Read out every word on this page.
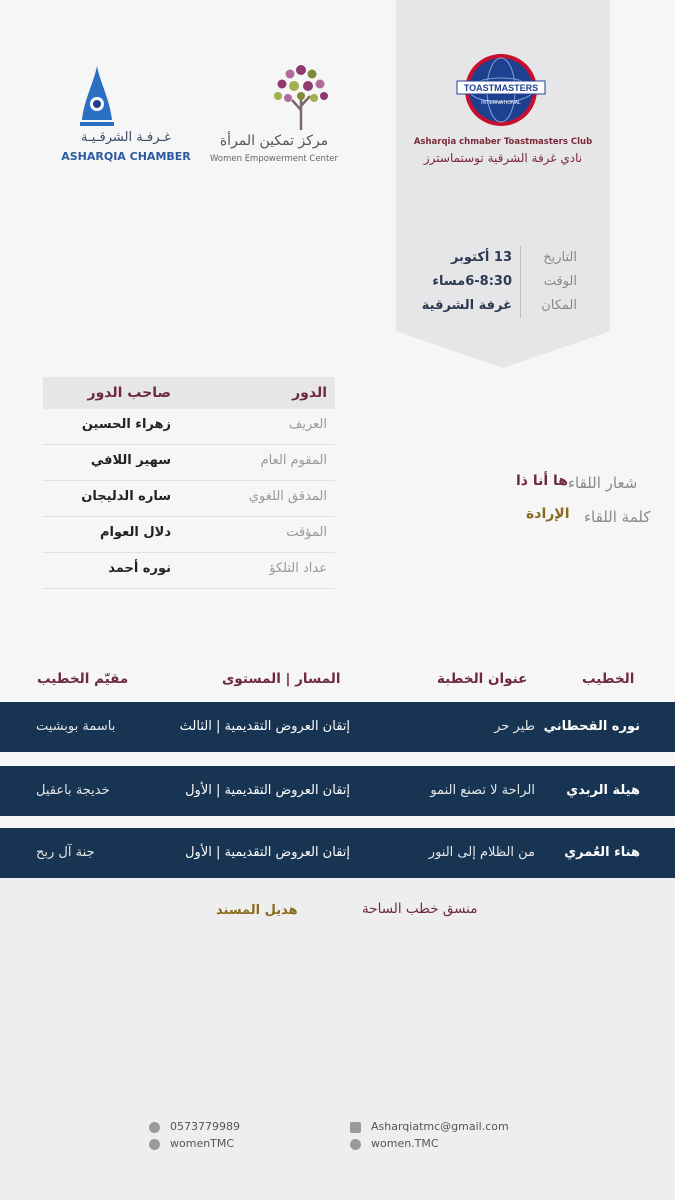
TOASTMASTERS
INTERNATIONAL
Asharqia chmaber Toastmasters Club
نادي غرفة الشرقية توستماسترز
التاريخ
الوقت
المكان
13 أكتوبر
6-8:30مساء
غرفة الشرقية
مركز تمكين المرأة
Women Empowerment Center
غـرفـة الشرقـيـة
ASHARQIA CHAMBER
الدور
صاحب الدور
العريف
زهراء الحسين
المقوم العام
سهير اللافي
المدقق اللغوي
ساره الدليجان
المؤقت
دلال العوام
عداد التلكؤ
نوره أحمد
شعار اللقاء
ها أنا ذا
كلمة اللقاء
الإرادة
الخطيب
عنوان الخطبة
المسار | المستوى
مقيّم الخطيب
نوره القحطاني
طير حر
إتقان العروض التقديمية | الثالث
باسمة بوبشيت
هيلة الربدي
الراحة لا تصنع النمو
إتقان العروض التقديمية | الأول
خديجة باعقيل
هناء العُمري
من الظلام إلى النور
إتقان العروض التقديمية | الأول
جنة آل ربح
منسق خطب الساحة
هديل المسند
0573779989
womenTMC
Asharqiatmc@gmail.com
women.TMC
